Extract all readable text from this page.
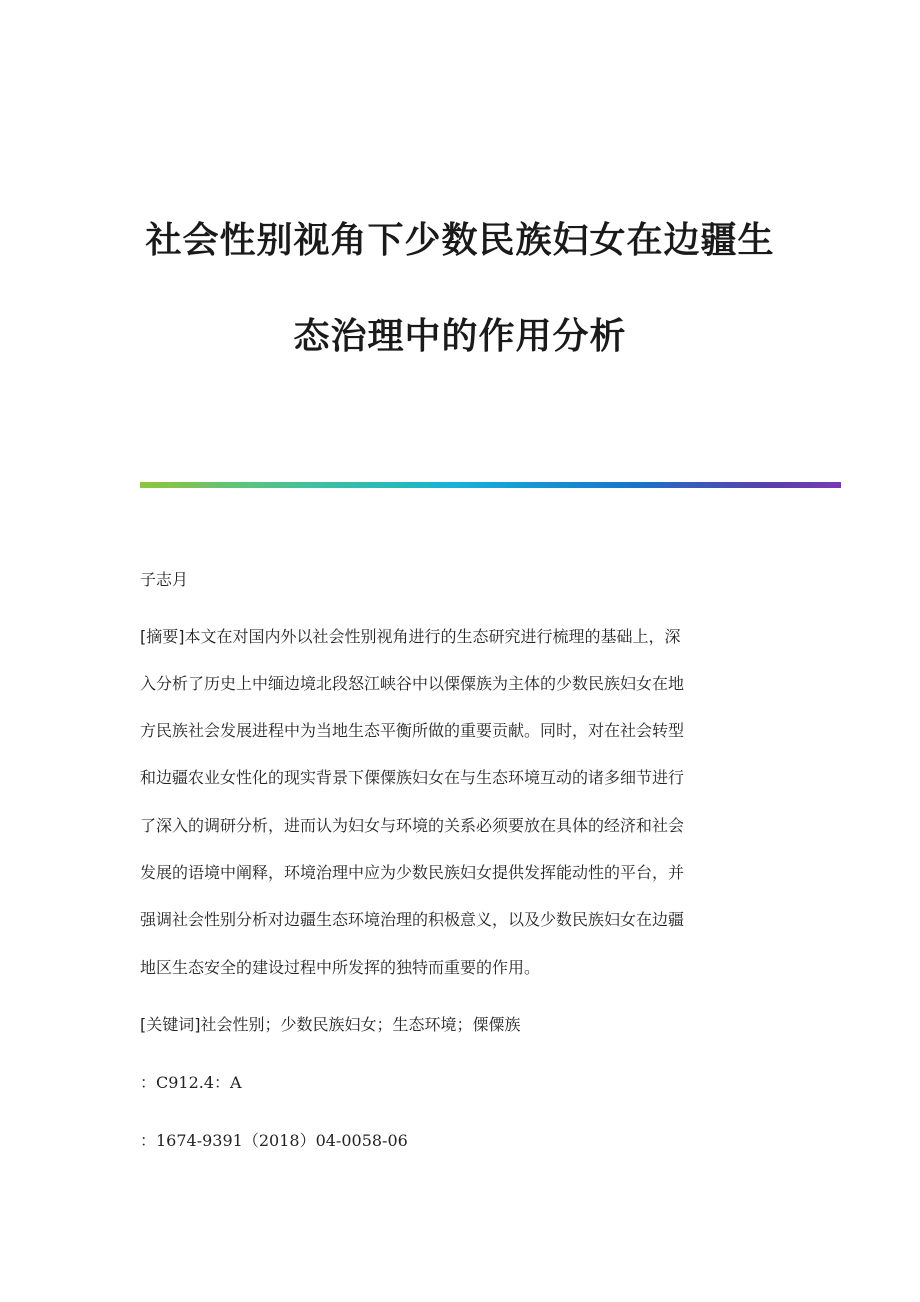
社会性别视角下少数民族妇女在边疆生
态治理中的作用分析
子志月
[摘要]本文在对国内外以社会性别视角进行的生态研究进行梳理的基础上，深
入分析了历史上中缅边境北段怒江峡谷中以傈僳族为主体的少数民族妇女在地
方民族社会发展进程中为当地生态平衡所做的重要贡献。同时，对在社会转型
和边疆农业女性化的现实背景下傈僳族妇女在与生态环境互动的诸多细节进行
了深入的调研分析，进而认为妇女与环境的关系必须要放在具体的经济和社会
发展的语境中阐释，环境治理中应为少数民族妇女提供发挥能动性的平台，并
强调社会性别分析对边疆生态环境治理的积极意义，以及少数民族妇女在边疆
地区生态安全的建设过程中所发挥的独特而重要的作用。
[关键词]社会性别；少数民族妇女；生态环境；傈僳族
：C912.4：A
：1674-9391（2018）04-0058-06
